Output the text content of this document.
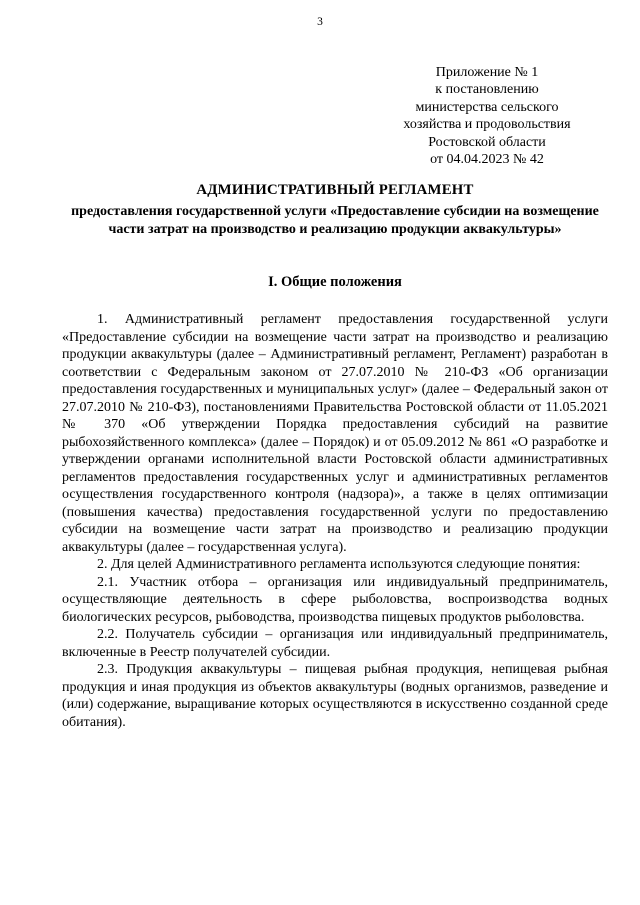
3
Приложение № 1
к постановлению
министерства сельского
хозяйства и продовольствия
Ростовской области
от 04.04.2023 № 42
АДМИНИСТРАТИВНЫЙ РЕГЛАМЕНТ
предоставления государственной услуги «Предоставление субсидии на возмещение части затрат на производство и реализацию продукции аквакультуры»
I. Общие положения

1. Административный регламент предоставления государственной услуги «Предоставление субсидии на возмещение части затрат на производство и реализацию продукции аквакультуры (далее – Административный регламент, Регламент) разработан в соответствии с Федеральным законом от 27.07.2010 № 210-ФЗ «Об организации предоставления государственных и муниципальных услуг» (далее – Федеральный закон от 27.07.2010 № 210-ФЗ), постановлениями Правительства Ростовской области от 11.05.2021 № 370 «Об утверждении Порядка предоставления субсидий на развитие рыбохозяйственного комплекса» (далее – Порядок) и от 05.09.2012 № 861 «О разработке и утверждении органами исполнительной власти Ростовской области административных регламентов предоставления государственных услуг и административных регламентов осуществления государственного контроля (надзора)», а также в целях оптимизации (повышения качества) предоставления государственной услуги по предоставлению субсидии на возмещение части затрат на производство и реализацию продукции аквакультуры (далее – государственная услуга).

2. Для целей Административного регламента используются следующие понятия:

2.1. Участник отбора – организация или индивидуальный предприниматель, осуществляющие деятельность в сфере рыболовства, воспроизводства водных биологических ресурсов, рыбоводства, производства пищевых продуктов рыболовства.

2.2. Получатель субсидии – организация или индивидуальный предприниматель, включенные в Реестр получателей субсидии.

2.3. Продукция аквакультуры – пищевая рыбная продукция, непищевая рыбная продукция и иная продукция из объектов аквакультуры (водных организмов, разведение и (или) содержание, выращивание которых осуществляются в искусственно созданной среде обитания).
